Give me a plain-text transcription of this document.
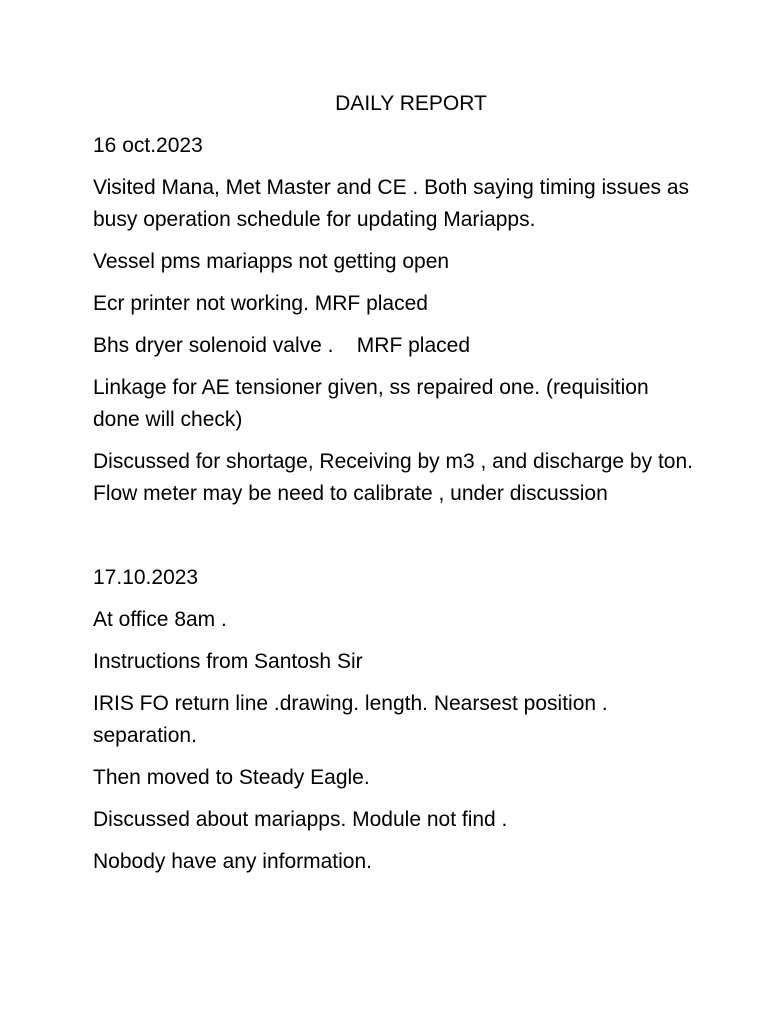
DAILY REPORT

16 oct.2023

Visited Mana, Met Master and CE . Both saying timing issues as busy operation schedule for updating Mariapps.

Vessel pms mariapps not getting open

Ecr printer not working. MRF placed

Bhs dryer solenoid valve .    MRF placed

Linkage for AE tensioner given, ss repaired one. (requisition done will check)

Discussed for shortage, Receiving by m3 , and discharge by ton. Flow meter may be need to calibrate , under discussion

17.10.2023

At office 8am .

Instructions from Santosh Sir

IRIS FO return line .drawing. length. Nearsest position . separation.

Then moved to Steady Eagle.

Discussed about mariapps. Module not find .

Nobody have any information.
